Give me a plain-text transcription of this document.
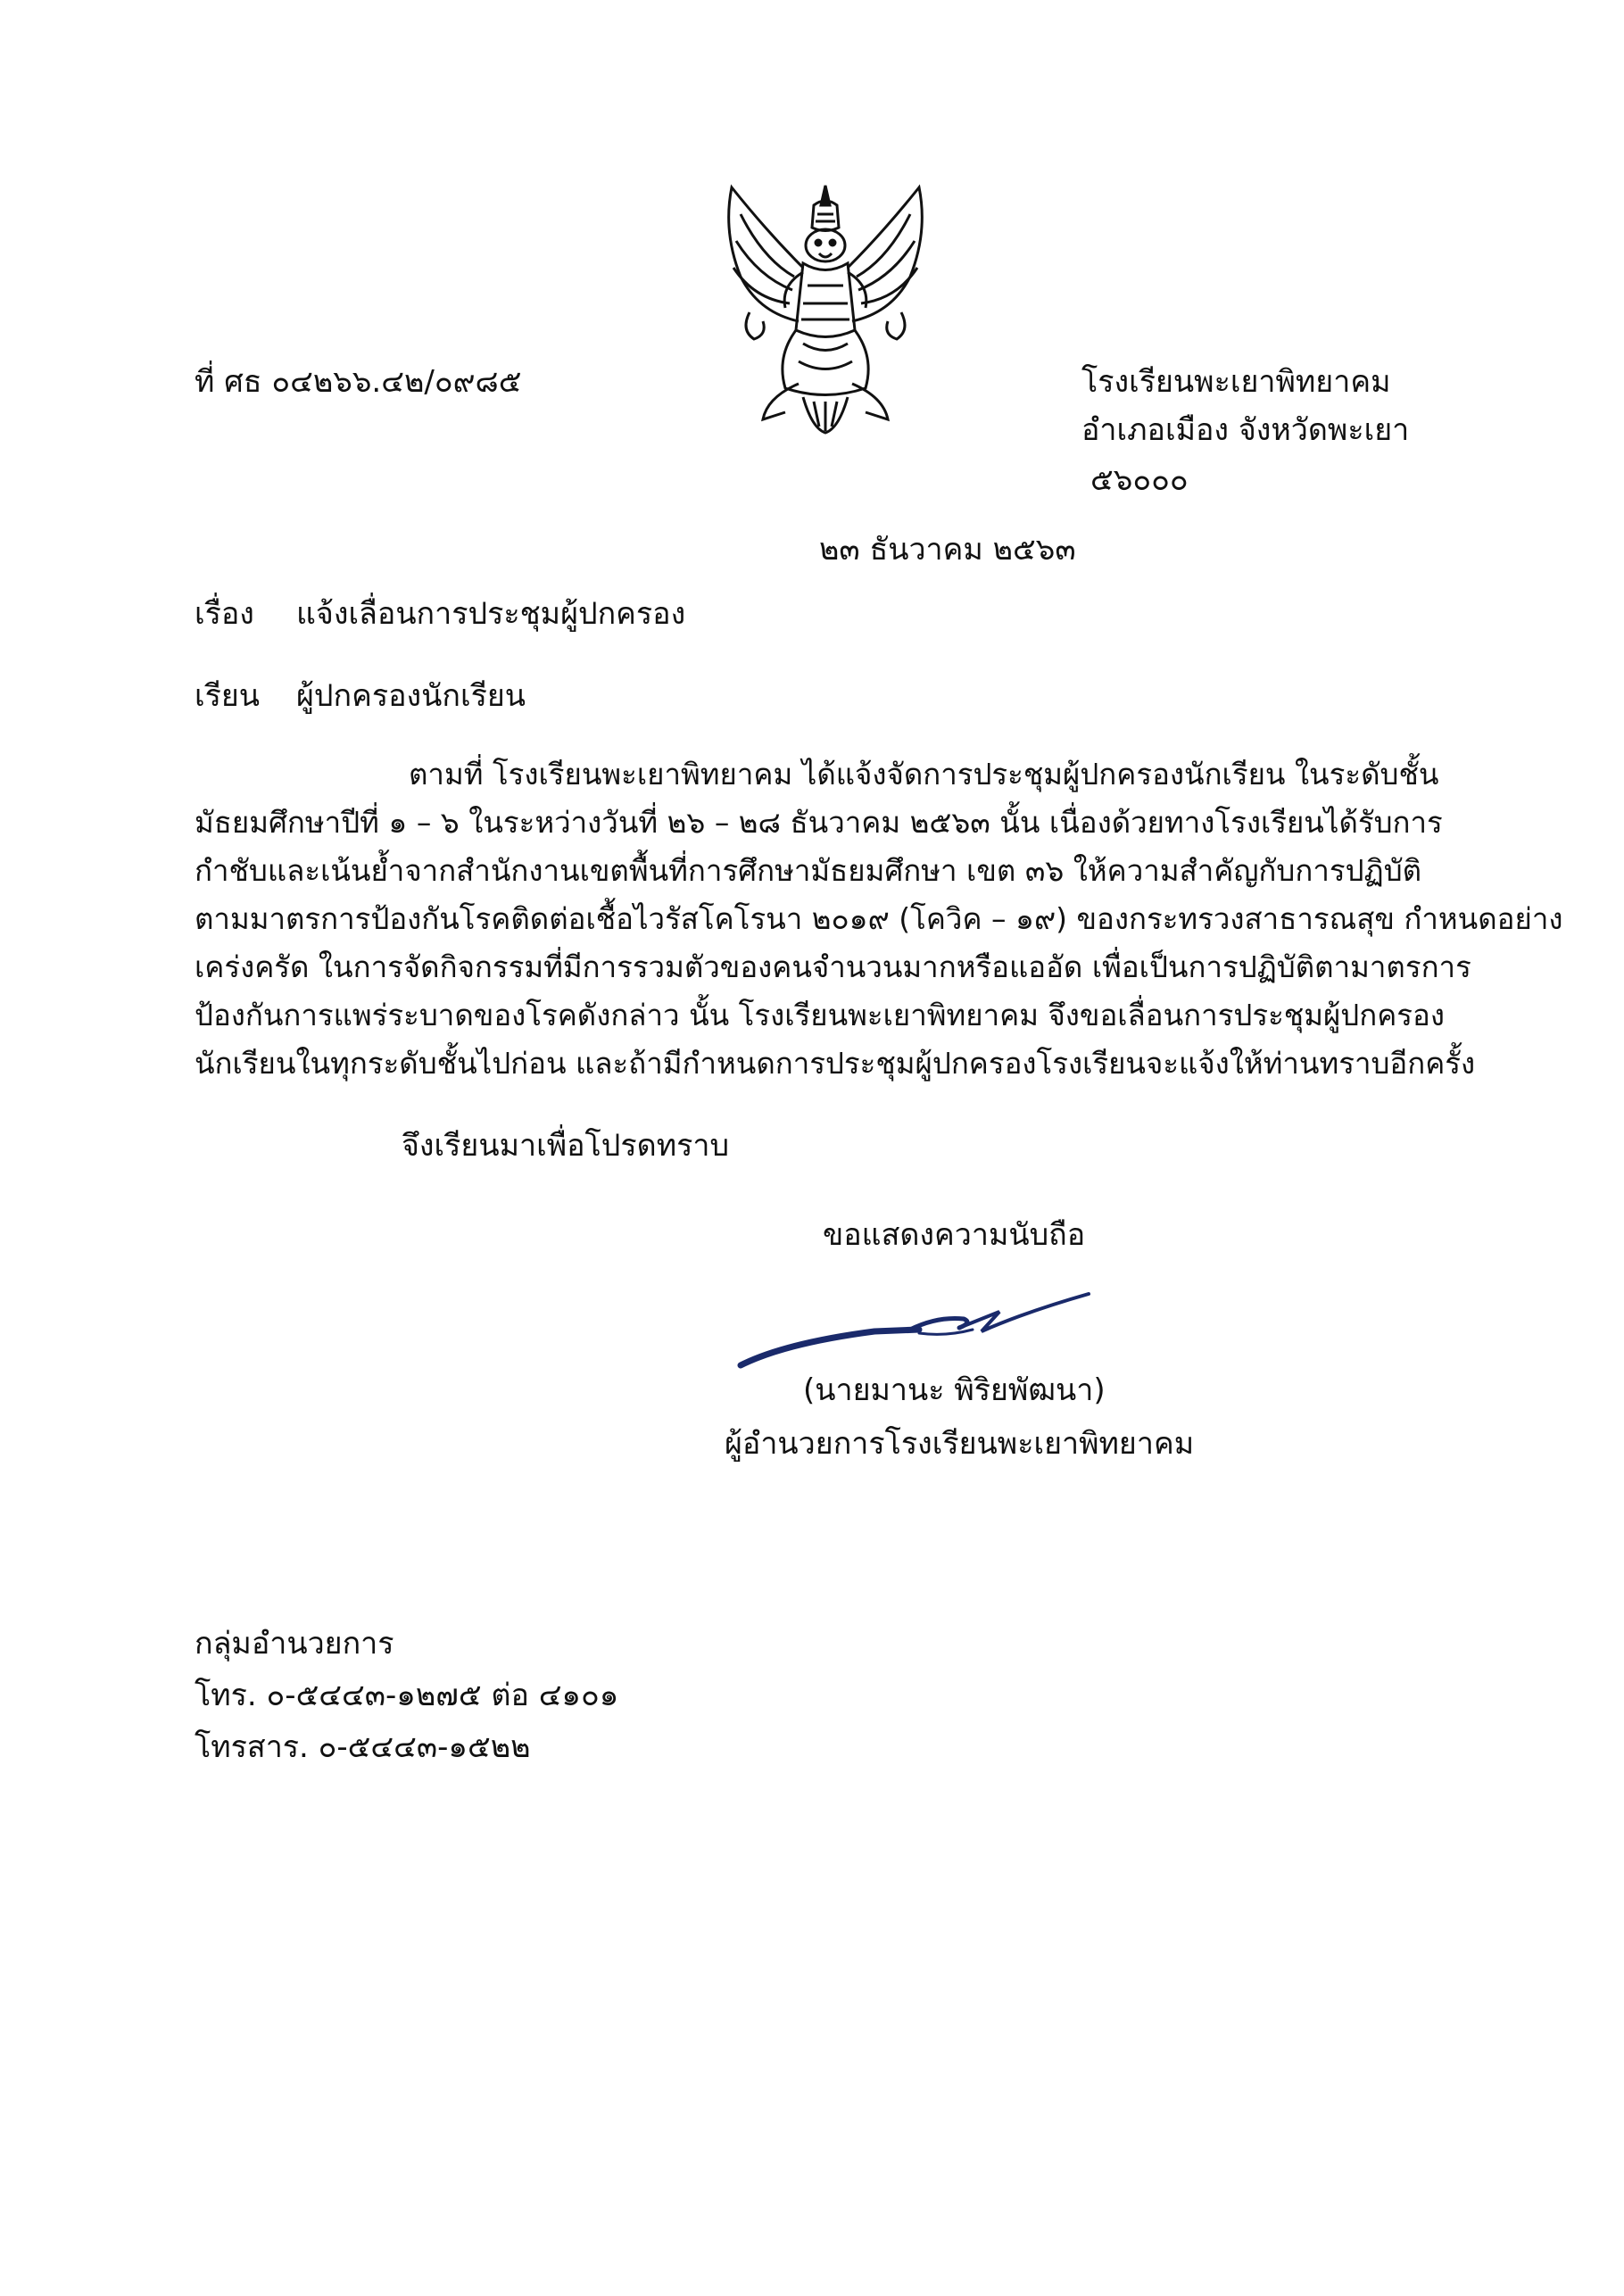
ที่ ศธ ๐๔๒๖๖.๔๒/๐๙๘๕	โรงเรียนพะเยาพิทยาคม
อำเภอเมือง จังหวัดพะเยา
๕๖๐๐๐
๒๓ ธันวาคม ๒๕๖๓
เรื่อง แจ้งเลื่อนการประชุมผู้ปกครอง
เรียน ผู้ปกครองนักเรียน
ตามที่ โรงเรียนพะเยาพิทยาคม ได้แจ้งจัดการประชุมผู้ปกครองนักเรียน ในระดับชั้น
มัธยมศึกษาปีที่ ๑ – ๖ ในระหว่างวันที่ ๒๖ – ๒๘ ธันวาคม ๒๕๖๓ นั้น เนื่องด้วยทางโรงเรียนได้รับการ
กำชับและเน้นย้ำจากสำนักงานเขตพื้นที่การศึกษามัธยมศึกษา เขต ๓๖ ให้ความสำคัญกับการปฏิบัติ
ตามมาตรการป้องกันโรคติดต่อเชื้อไวรัสโคโรนา ๒๐๑๙ (โควิค – ๑๙) ของกระทรวงสาธารณสุข กำหนดอย่าง
เคร่งครัด ในการจัดกิจกรรมที่มีการรวมตัวของคนจำนวนมากหรือแออัด เพื่อเป็นการปฏิบัติตามาตรการ
ป้องกันการแพร่ระบาดของโรคดังกล่าว นั้น โรงเรียนพะเยาพิทยาคม จึงขอเลื่อนการประชุมผู้ปกครอง
นักเรียนในทุกระดับชั้นไปก่อน และถ้ามีกำหนดการประชุมผู้ปกครองโรงเรียนจะแจ้งให้ท่านทราบอีกครั้ง
จึงเรียนมาเพื่อโปรดทราบ
ขอแสดงความนับถือ
(นายมานะ พิริยพัฒนา)
ผู้อำนวยการโรงเรียนพะเยาพิทยาคม
กลุ่มอำนวยการ
โทร. ๐-๕๔๔๓-๑๒๗๕ ต่อ ๔๑๐๑
โทรสาร. ๐-๕๔๔๓-๑๕๒๒
